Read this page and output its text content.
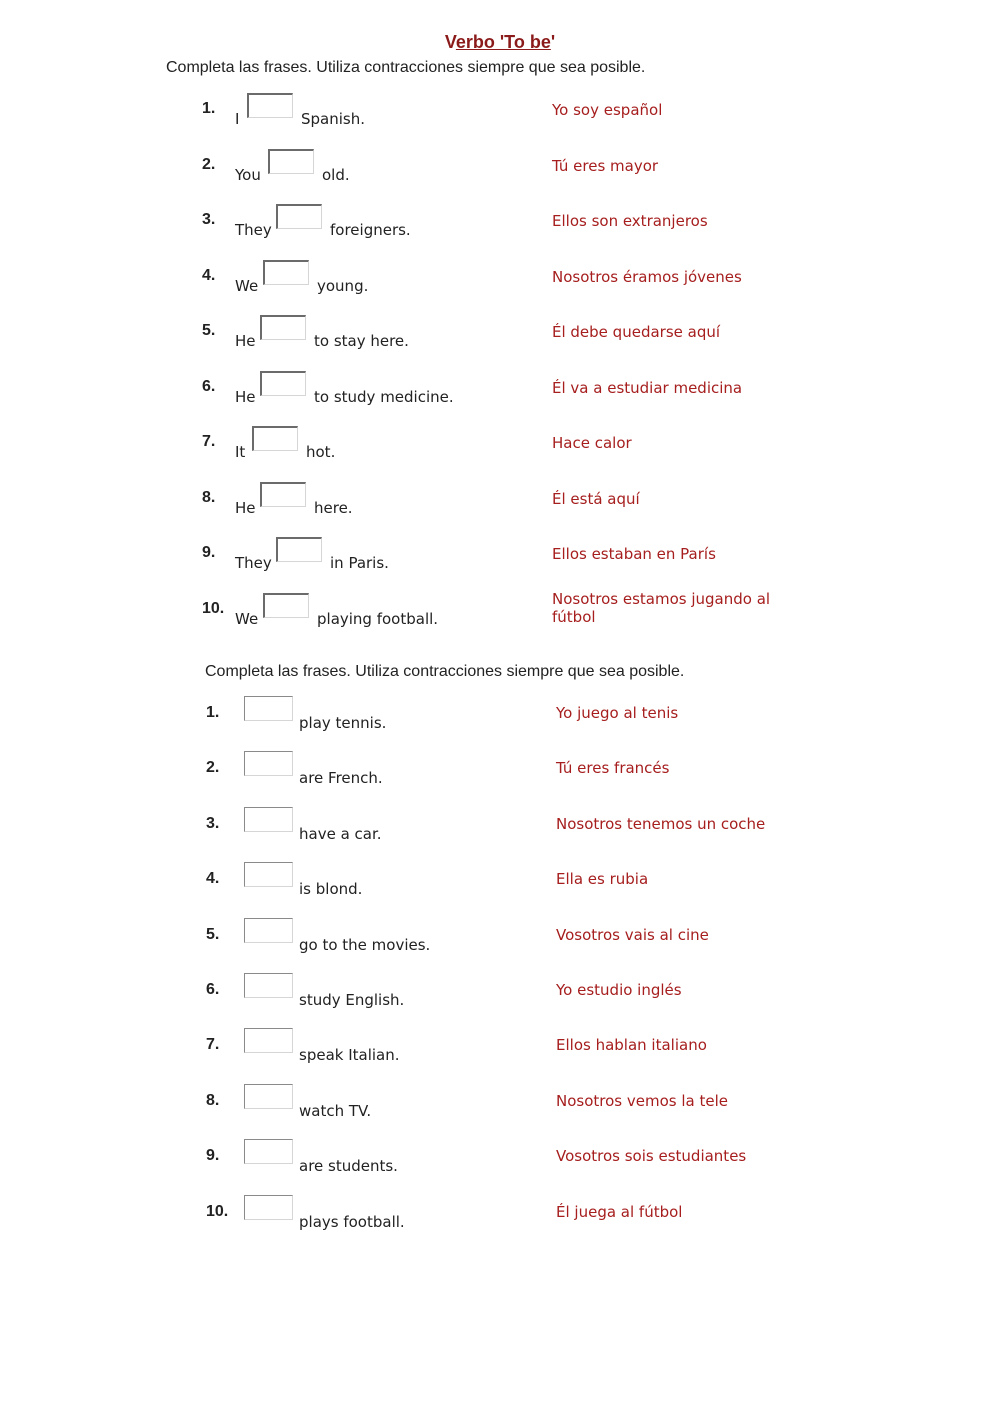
Verbo 'To be'
Completa las frases. Utiliza contracciones siempre que sea posible.
1.
I	Spanish.	Yo soy español
2.
You	old.	Tú eres mayor
3.
They	foreigners.	Ellos son extranjeros
4.
We	young.	Nosotros éramos jóvenes
5.
He	to stay here.	Él debe quedarse aquí
6.
He	to study medicine.	Él va a estudiar medicina
7.
It	hot.	Hace calor
8.
He	here.	Él está aquí
9.
They	in Paris.	Ellos estaban en París
10.
We	playing football.
Nosotros estamos jugando al fútbol
Completa las frases. Utiliza contracciones siempre que sea posible.
1.
play tennis.
Yo juego al tenis
2.
are French.
Tú eres francés
3.
have a car.
Nosotros tenemos un coche
4.
is blond.
Ella es rubia
5.
go to the movies.
Vosotros vais al cine
6.
study English.
Yo estudio inglés
7.
speak Italian.
Ellos hablan italiano
8.
watch TV.
Nosotros vemos la tele
9.
are students.
Vosotros sois estudiantes
10.
plays football.
Él juega al fútbol
